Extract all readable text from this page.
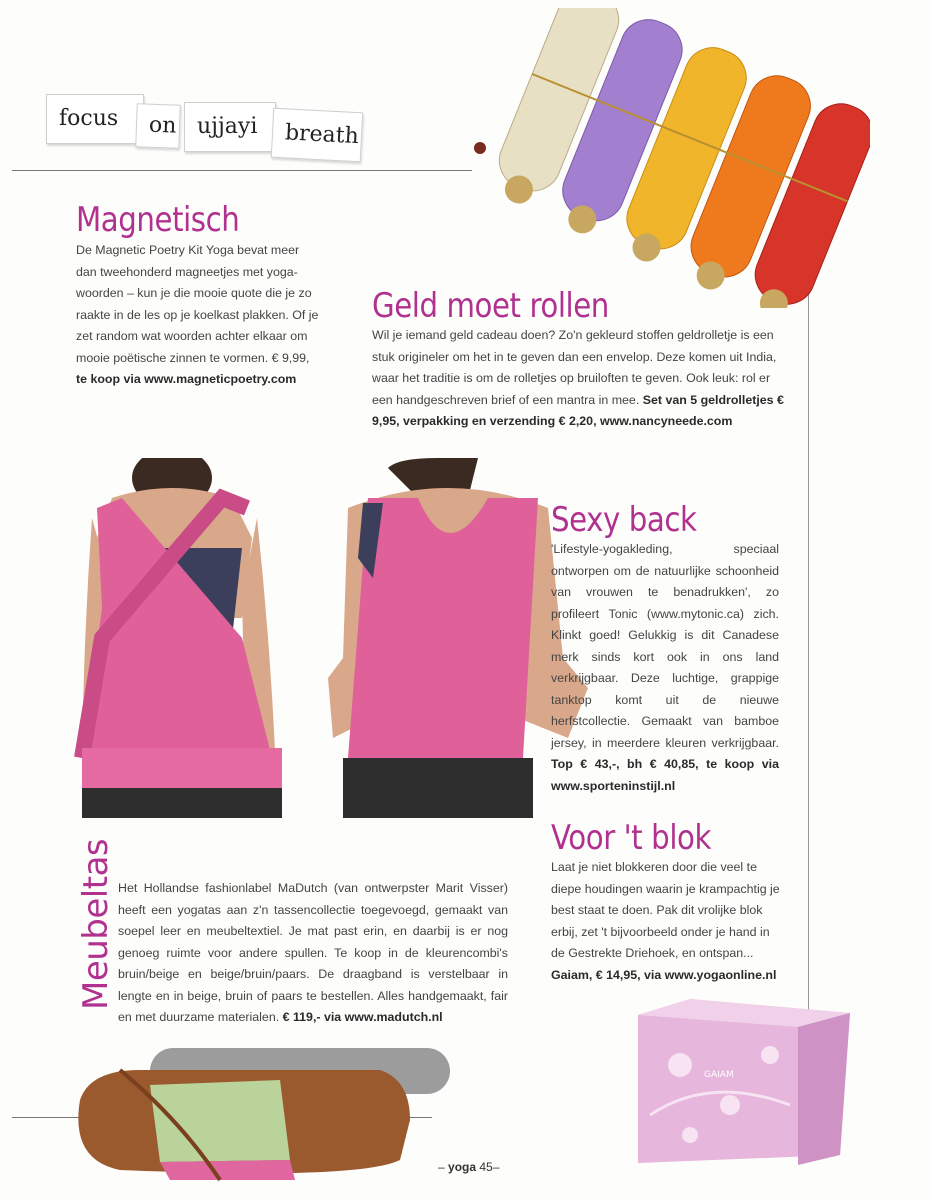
focus	on ujjayi	breath
Magnetisch
De Magnetic Poetry Kit Yoga bevat meer dan tweehonderd magneetjes met yoga-woorden – kun je die mooie quote die je zo raakte in de les op je koelkast plakken. Of je zet random wat woorden achter elkaar om mooie poëtische zinnen te vormen. € 9,99, te koop via www.magneticpoetry.com
Geld moet rollen
Wil je iemand geld cadeau doen? Zo'n gekleurd stoffen geldrolletje is een stuk origineler om het in te geven dan een envelop. Deze komen uit India, waar het traditie is om de rolletjes op bruiloften te geven. Ook leuk: rol er een handgeschreven brief of een mantra in mee. Set van 5 geldrolletjes € 9,95, verpakking en verzending € 2,20, www.nancyneede.com
Sexy back
'Lifestyle-yogakleding, speciaal ontworpen om de natuurlijke schoonheid van vrouwen te benadrukken', zo profileert Tonic (www.mytonic.ca) zich. Klinkt goed! Gelukkig is dit Canadese merk sinds kort ook in ons land verkrijgbaar. Deze luchtige, grappige tanktop komt uit de nieuwe herfstcollectie. Gemaakt van bamboe jersey, in meerdere kleuren verkrijgbaar. Top € 43,-, bh € 40,85, te koop via www.sporteninstijl.nl
Voor 't blok
Laat je niet blokkeren door die veel te diepe houdingen waarin je krampachtig je best staat te doen. Pak dit vrolijke blok erbij, zet 't bijvoorbeeld onder je hand in de Gestrekte Driehoek, en ontspan... Gaiam, € 14,95, via www.yogaonline.nl
GAIAM
Meubeltas Het Hollandse fashionlabel MaDutch (van ontwerpster Marit Visser) heeft een yogatas aan z'n tassencollectie toegevoegd, gemaakt van soepel leer en meubeltextiel. Je mat past erin, en daarbij is er nog genoeg ruimte voor andere spullen. Te koop in de kleurencombi's bruin/beige en beige/bruin/paars. De draagband is verstelbaar in lengte en in beige, bruin of paars te bestellen. Alles handgemaakt, fair en met duurzame materialen. € 119,- via www.madutch.nl
– yoga 45–
